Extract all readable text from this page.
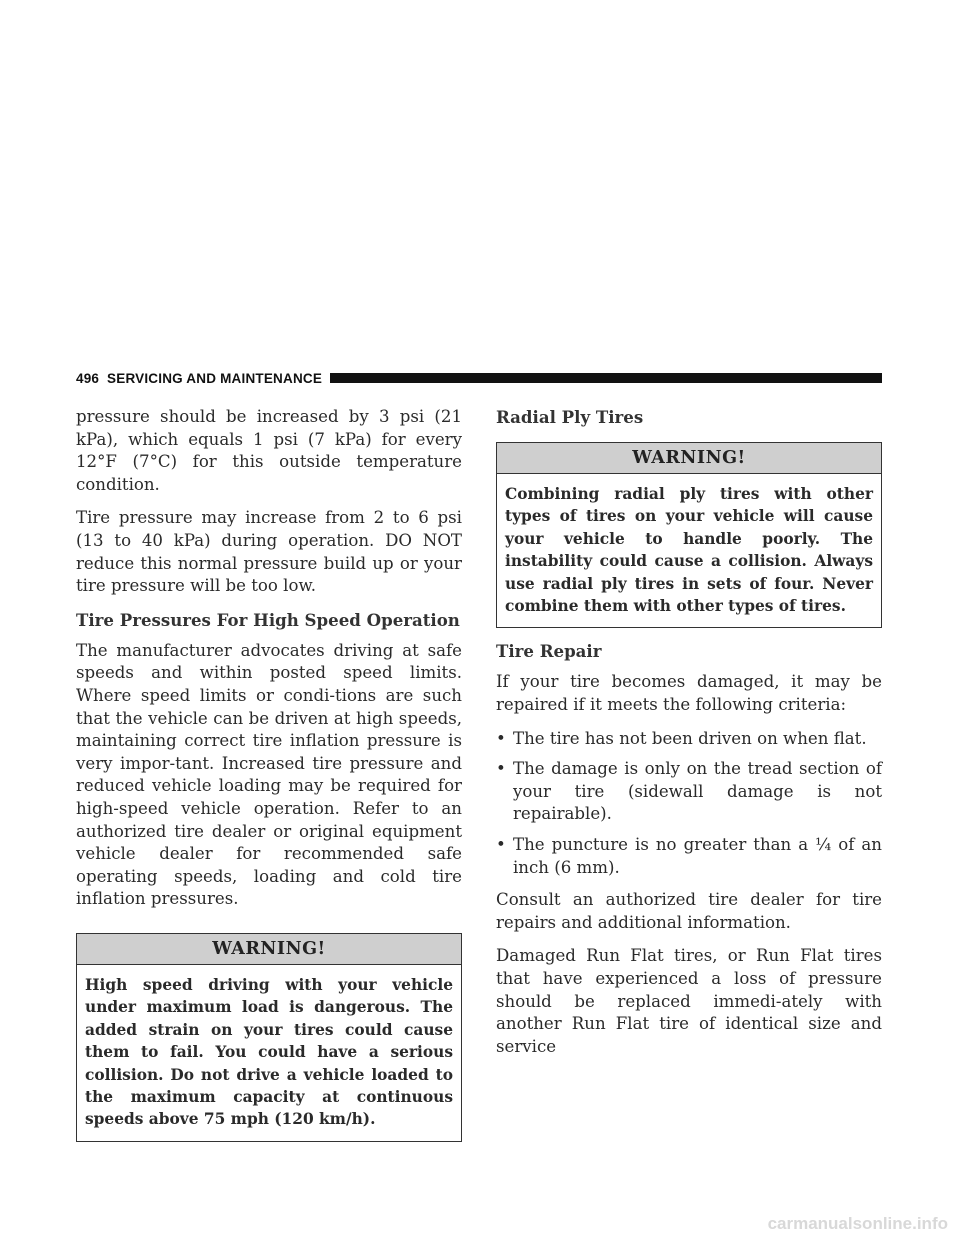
496 SERVICING AND MAINTENANCE

pressure should be increased by 3 psi (21 kPa), which equals 1 psi (7 kPa) for every 12°F (7°C) for this outside temperature condition.

Tire pressure may increase from 2 to 6 psi (13 to 40 kPa) during operation. DO NOT reduce this normal pressure build up or your tire pressure will be too low.

Tire Pressures For High Speed Operation

The manufacturer advocates driving at safe speeds and within posted speed limits. Where speed limits or condi-tions are such that the vehicle can be driven at high speeds, maintaining correct tire inflation pressure is very impor-tant. Increased tire pressure and reduced vehicle loading may be required for high-speed vehicle operation. Refer to an authorized tire dealer or original equipment vehicle dealer for recommended safe operating speeds, loading and cold tire inflation pressures.

WARNING!
High speed driving with your vehicle under maximum load is dangerous. The added strain on your tires could cause them to fail. You could have a serious collision. Do not drive a vehicle loaded to the maximum capacity at continuous speeds above 75 mph (120 km/h).
Radial Ply Tires
WARNING!
Combining radial ply tires with other types of tires on your vehicle will cause your vehicle to handle poorly. The instability could cause a collision. Always use radial ply tires in sets of four. Never combine them with other types of tires.
Tire Repair

If your tire becomes damaged, it may be repaired if it meets the following criteria:

• The tire has not been driven on when flat.
• The damage is only on the tread section of your tire (sidewall damage is not repairable).
• The puncture is no greater than a ¼ of an inch (6 mm).

Consult an authorized tire dealer for tire repairs and additional information.

Damaged Run Flat tires, or Run Flat tires that have experienced a loss of pressure should be replaced immedi-ately with another Run Flat tire of identical size and service

carmanualsonline.info
